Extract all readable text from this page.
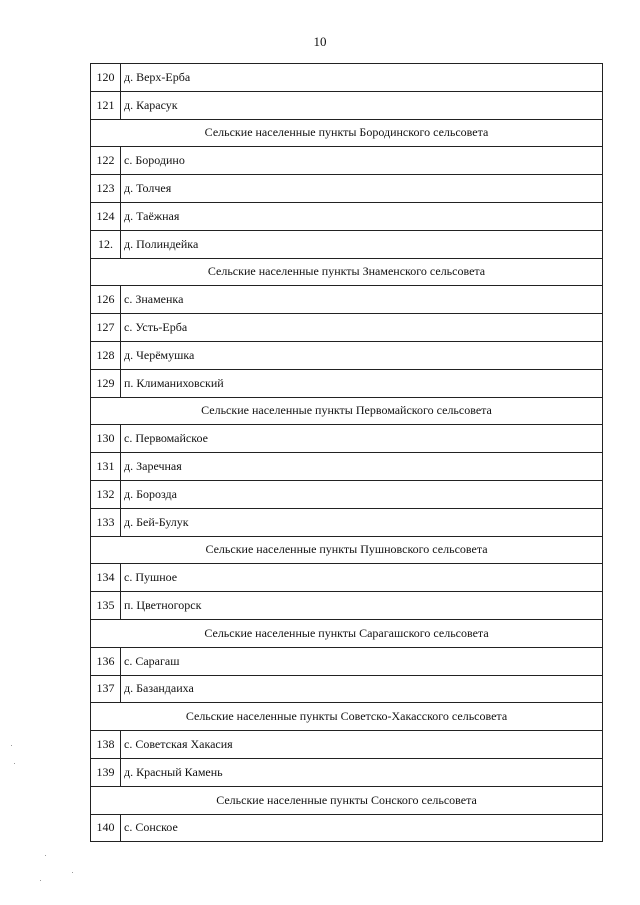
10
120	д. Верх-Ерба
121	д. Карасук
Сельские населенные пункты Бородинского сельсовета	
122	с. Бородино
123	д. Толчея
124	д. Таёжная
12.	д. Полиндейка
Сельские населенные пункты Знаменского сельсовета	
126	с. Знаменка
127	с. Усть-Ерба
128	д. Черёмушка
129	п. Климаниховский
Сельские населенные пункты Первомайского сельсовета	
130	с. Первомайское
131	д. Заречная
132	д. Борозда
133	д. Бей-Булук
Сельские населенные пункты Пушновского сельсовета	
134	с. Пушное
135	п. Цветногорск
Сельские населенные пункты Сарагашского сельсовета	
136	с. Сарагаш
137	д. Базандаиха
Сельские населенные пункты Советско-Хакасского сельсовета	
138	с. Советская Хакасия
139	д. Красный Камень
Сельские населенные пункты Сонского сельсовета	
140	с. Сонское
